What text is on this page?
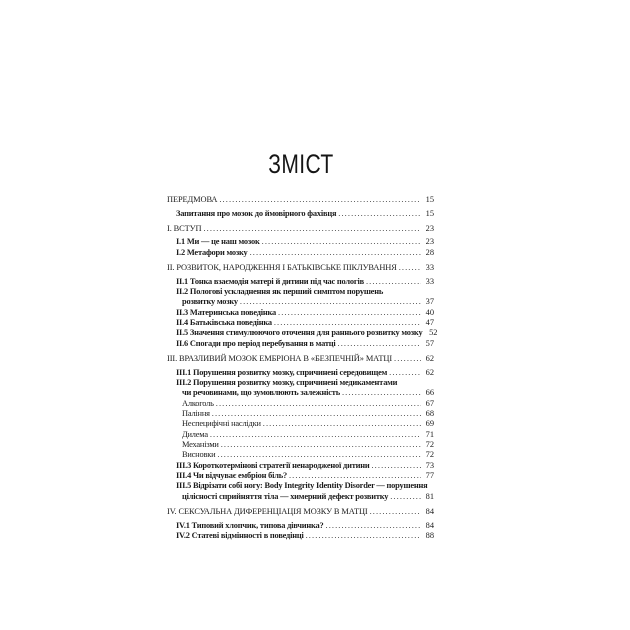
ЗМІСТ
ПЕРЕДМОВА .....	15
Запитання про мозок до ймовірного фахівця .....	15
І. ВСТУП .....	23
І.1 Ми — це наш мозок .....	23
І.2 Метафори мозку .....	28
ІІ. РОЗВИТОК, НАРОДЖЕННЯ І БАТЬКІВСЬКЕ ПІКЛУВАННЯ .....	33
ІІ.1 Тонка взаємодія матері й дитини під час пологів .....	33
ІІ.2 Пологові ускладнення як перший симптом порушень
розвитку мозку .....	37
ІІ.3 Материнська поведінка .....	40
ІІ.4 Батьківська поведінка .....	47
ІІ.5 Значення стимулюючого оточення для раннього розвитку мозку 52
ІІ.6 Спогади про період перебування в матці .....	57
ІІІ. ВРАЗЛИВИЙ МОЗОК ЕМБРІОНА В «БЕЗПЕЧНІЙ» МАТЦІ .....	62
ІІІ.1 Порушення розвитку мозку, спричинені середовищем .....	62
ІІІ.2 Порушення розвитку мозку, спричинені медикаментами
чи речовинами, що зумовлюють залежність .....	66
Алкоголь .....	67
Паління .....	68
Неспецифічні наслідки .....	69
Дилема .....	71
Механізми .....	72
Висновки .....	72
ІІІ.3 Короткотермінові стратегії ненародженої дитини .....	73
ІІІ.4 Чи відчуває ембріон біль? .....	77
ІІІ.5 Відрізати собі ногу: Body Integrity Identity Disorder — порушення
цілісності сприйняття тіла — химерний дефект розвитку .....	81
IV. СЕКСУАЛЬНА ДИФЕРЕНЦІАЦІЯ МОЗКУ В МАТЦІ .....	84
IV.1 Типовий хлопчик, типова дівчинка? .....	84
IV.2 Статеві відмінності в поведінці .....	88
